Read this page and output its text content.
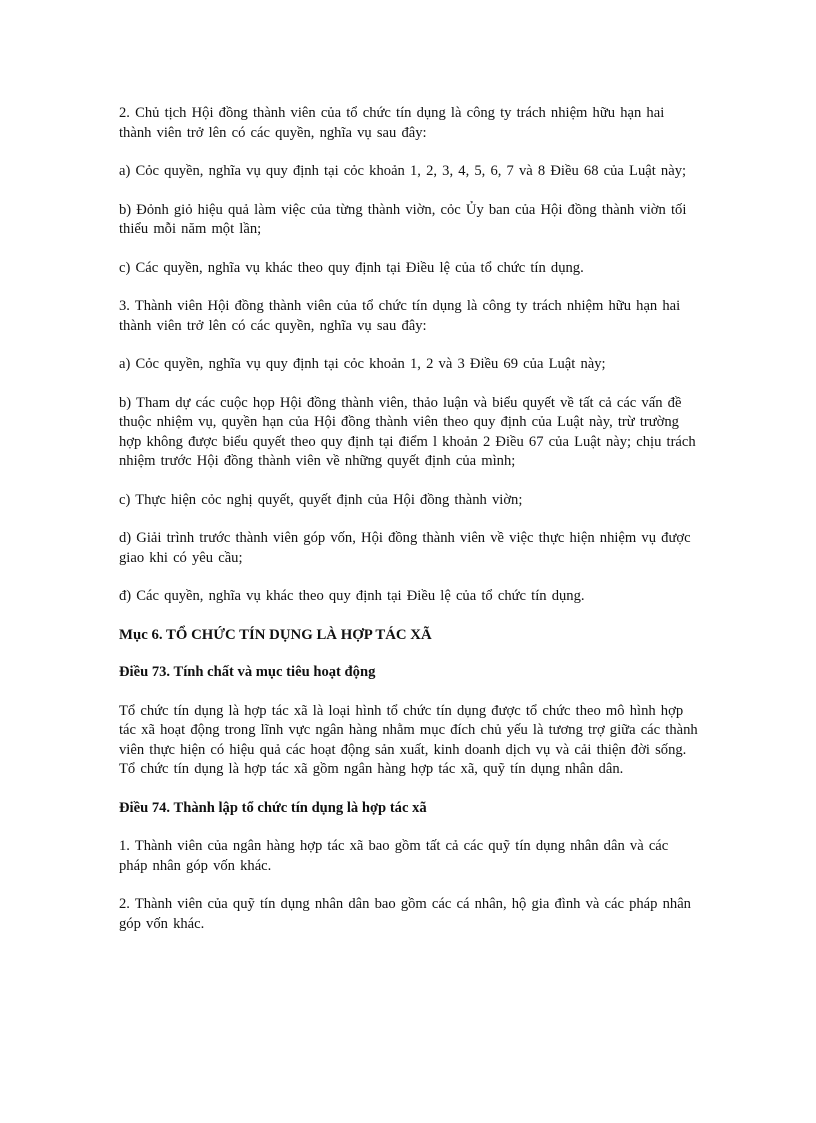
2. Chủ tịch Hội đồng thành viên của tổ chức tín dụng là công ty trách nhiệm hữu hạn hai thành viên trở lên có các quyền, nghĩa vụ sau đây:

a) Cỏc quyền, nghĩa vụ quy định tại cỏc khoản 1, 2, 3, 4, 5, 6, 7 và 8 Điều 68 của Luật này;

b) Đỏnh giỏ hiệu quả làm việc của từng thành viờn, cỏc Ủy ban của Hội đồng thành viờn tối thiểu mỗi năm một lần;

c) Các quyền, nghĩa vụ khác theo quy định tại Điều lệ của tổ chức tín dụng.

3. Thành viên Hội đồng thành viên của tổ chức tín dụng là công ty trách nhiệm hữu hạn hai thành viên trở lên có các quyền, nghĩa vụ sau đây:

a) Cỏc quyền, nghĩa vụ quy định tại cỏc khoản 1, 2 và 3 Điều 69 của Luật này;

b) Tham dự các cuộc họp Hội đồng thành viên, thảo luận và biểu quyết về tất cả các vấn đề thuộc nhiệm vụ, quyền hạn của Hội đồng thành viên theo quy định của Luật này, trừ trường hợp không được biểu quyết theo quy định tại điểm l khoản 2 Điều 67 của Luật này; chịu trách nhiệm trước Hội đồng thành viên về những quyết định của mình;

c) Thực hiện cỏc nghị quyết, quyết định của Hội đồng thành viờn;

d) Giải trình trước thành viên góp vốn, Hội đồng thành viên về việc thực hiện nhiệm vụ được giao khi có yêu cầu;

đ) Các quyền, nghĩa vụ khác theo quy định tại Điều lệ của tổ chức tín dụng.

Mục 6. TỔ CHỨC TÍN DỤNG LÀ HỢP TÁC XÃ
Điều 73. Tính chất và mục tiêu hoạt động

Tổ chức tín dụng là hợp tác xã là loại hình tổ chức tín dụng được tổ chức theo mô hình hợp tác xã hoạt động trong lĩnh vực ngân hàng nhằm mục đích chủ yếu là tương trợ giữa các thành viên thực hiện có hiệu quả các hoạt động sản xuất, kinh doanh dịch vụ và cải thiện đời sống. Tổ chức tín dụng là hợp tác xã gồm ngân hàng hợp tác xã, quỹ tín dụng nhân dân.

Điều 74. Thành lập tổ chức tín dụng là hợp tác xã

1. Thành viên của ngân hàng hợp tác xã bao gồm tất cả các quỹ tín dụng nhân dân và các pháp nhân góp vốn khác.

2. Thành viên của quỹ tín dụng nhân dân bao gồm các cá nhân, hộ gia đình và các pháp nhân góp vốn khác.
